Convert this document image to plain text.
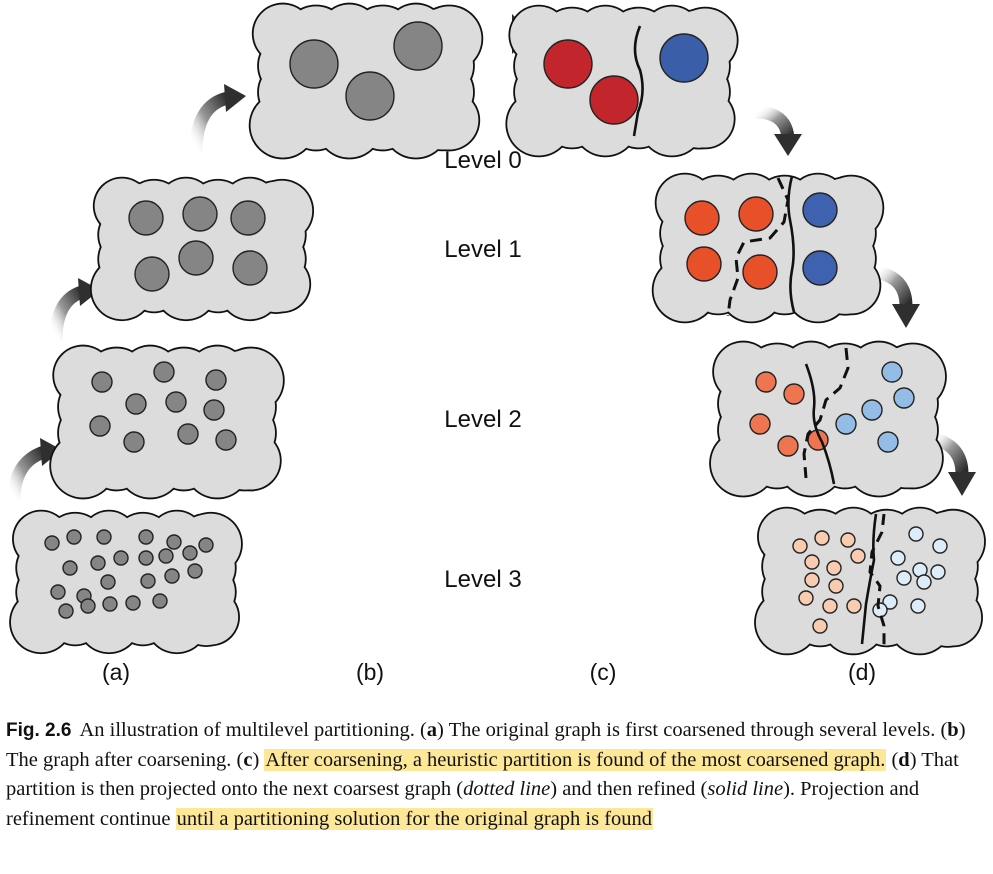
Level 0
Level 1
Level 2
Level 3
(a)	(b)	(c)	(d)
Fig. 2.6 An illustration of multilevel partitioning. (a) The original graph is first coarsened through several levels. (b) The graph after coarsening. (c) After coarsening, a heuristic partition is found of the most coarsened graph. (d) That partition is then projected onto the next coarsest graph (dotted line) and then refined (solid line). Projection and refinement continue until a partitioning solution for the original graph is found
